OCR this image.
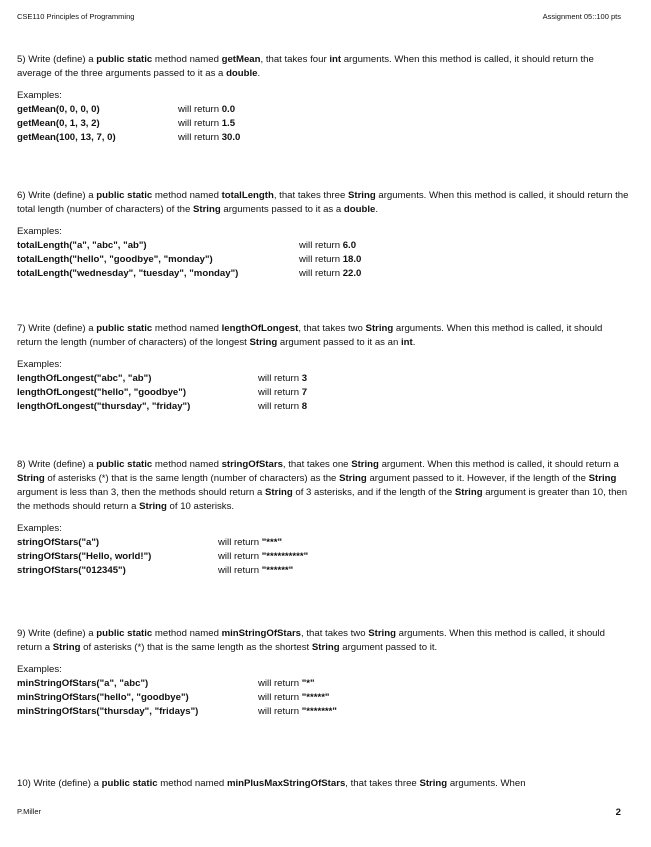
CSE110 Principles of Programming	Assignment 05::100 pts
5) Write (define) a public static method named getMean, that takes four int arguments. When this method is called, it should return the average of the three arguments passed to it as a double.
Examples:
getMean(0, 0, 0, 0)	will return 0.0
getMean(0, 1, 3, 2)	will return 1.5
getMean(100, 13, 7, 0)	will return 30.0
6) Write (define) a public static method named totalLength, that takes three String arguments. When this method is called, it should return the total length (number of characters) of the String arguments passed to it as a double.
Examples:
totalLength("a", "abc", "ab")	will return 6.0
totalLength("hello", "goodbye", "monday")	will return 18.0
totalLength("wednesday", "tuesday", "monday")	will return 22.0
7) Write (define) a public static method named lengthOfLongest, that takes two String arguments. When this method is called, it should return the length (number of characters) of the longest String argument passed to it as an int.
Examples:
lengthOfLongest("abc", "ab")	will return 3
lengthOfLongest("hello", "goodbye")	will return 7
lengthOfLongest("thursday", "friday")	will return 8
8) Write (define) a public static method named stringOfStars, that takes one String argument. When this method is called, it should return a String of asterisks (*) that is the same length (number of characters) as the String argument passed to it. However, if the length of the String argument is less than 3, then the methods should return a String of 3 asterisks, and if the length of the String argument is greater than 10, then the methods should return a String of 10 asterisks.
Examples:
stringOfStars("a")	will return "***"
stringOfStars("Hello, world!")	will return "**********"
stringOfStars("012345")	will return "******"
9) Write (define) a public static method named minStringOfStars, that takes two String arguments. When this method is called, it should return a String of asterisks (*) that is the same length as the shortest String argument passed to it.
Examples:
minStringOfStars("a", "abc")	will return "*"
minStringOfStars("hello", "goodbye")	will return "*****"
minStringOfStars("thursday", "fridays")	will return "*******"
10) Write (define) a public static method named minPlusMaxStringOfStars, that takes three String arguments. When
P.Miller	2
